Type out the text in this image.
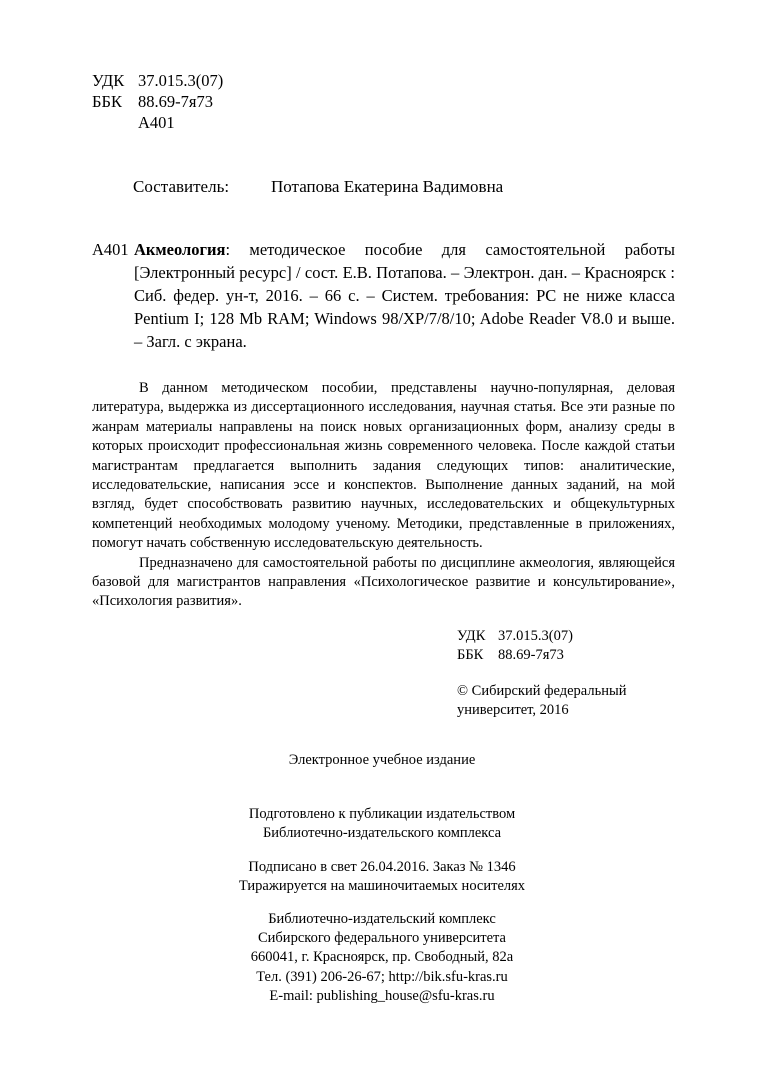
УДК 37.015.3(07)
ББК 88.69-7я73
А401
Составитель: Потапова Екатерина Вадимовна
А401 Акмеология: методическое пособие для самостоятельной работы [Электронный ресурс] / сост. Е.В. Потапова. – Электрон. дан. – Красноярск : Сиб. федер. ун-т, 2016. – 66 с. – Систем. требования: PC не ниже класса Pentium I; 128 Mb RAM; Windows 98/XP/7/8/10; Adobe Reader V8.0 и выше. – Загл. с экрана.

В данном методическом пособии, представлены научно-популярная, деловая литература, выдержка из диссертационного исследования, научная статья. Все эти разные по жанрам материалы направлены на поиск новых организационных форм, анализу среды в которых происходит профессиональная жизнь современного человека. После каждой статьи магистрантам предлагается выполнить задания следующих типов: аналитические, исследовательские, написания эссе и конспектов. Выполнение данных заданий, на мой взгляд, будет способствовать развитию научных, исследовательских и общекультурных компетенций необходимых молодому ученому. Методики, представленные в приложениях, помогут начать собственную исследовательскую деятельность.

Предназначено для самостоятельной работы по дисциплине акмеология, являющейся базовой для магистрантов направления «Психологическое развитие и консультирование», «Психология развития».

УДК 37.015.3(07)
ББК	88.69-7я73
© Сибирский федеральный
университет, 2016
Электронное учебное издание
Подготовлено к публикации издательством
Библиотечно-издательского комплекса
Подписано в свет 26.04.2016. Заказ № 1346
Тиражируется на машиночитаемых носителях
Библиотечно-издательский комплекс
Сибирского федерального университета
660041, г. Красноярск, пр. Свободный, 82а
Тел. (391) 206-26-67; http://bik.sfu-kras.ru
E-mail: publishing_house@sfu-kras.ru
